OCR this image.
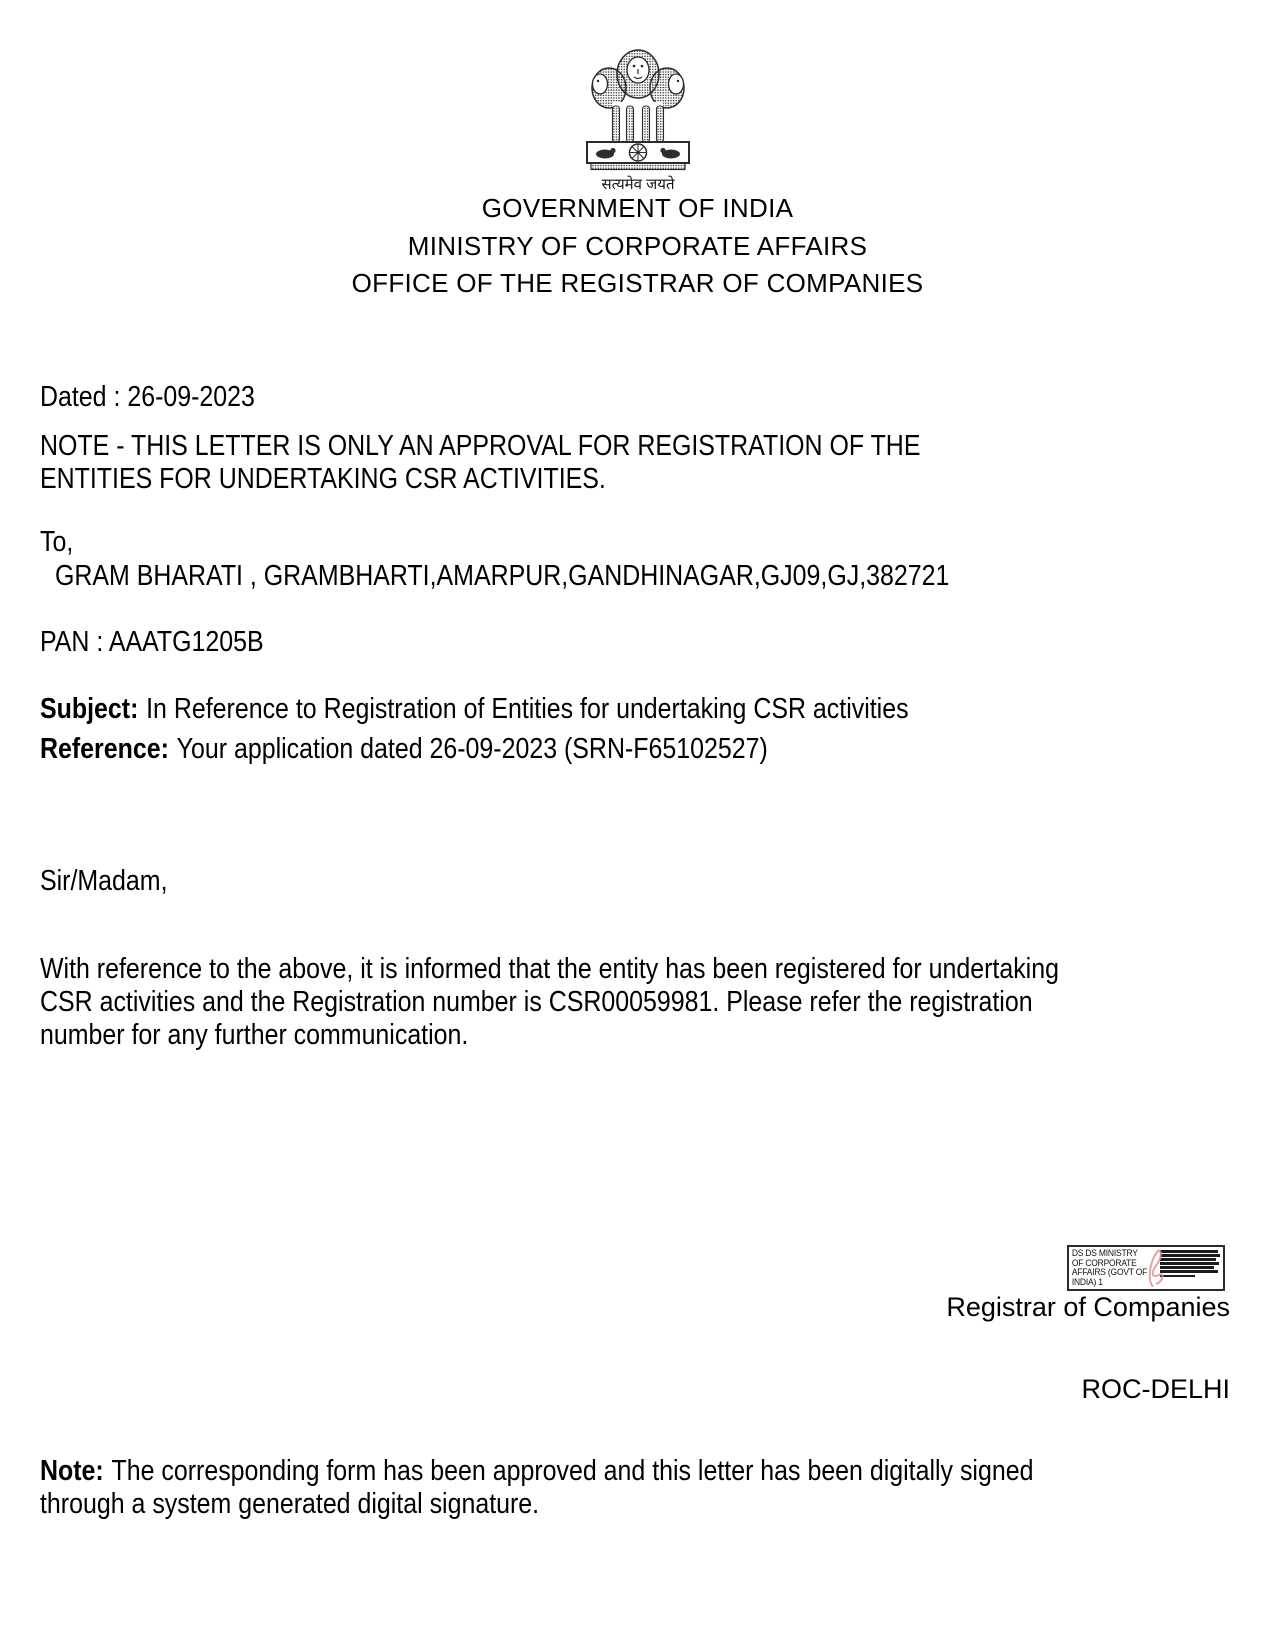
सत्यमेव जयते
GOVERNMENT OF INDIA
MINISTRY OF CORPORATE AFFAIRS
OFFICE OF THE REGISTRAR OF COMPANIES
Dated : 26-09-2023
NOTE - THIS LETTER IS ONLY AN APPROVAL FOR REGISTRATION OF THE
ENTITIES FOR UNDERTAKING CSR ACTIVITIES.
To,
GRAM BHARATI , GRAMBHARTI,AMARPUR,GANDHINAGAR,GJ09,GJ,382721
PAN : AAATG1205B
Subject: In Reference to Registration of Entities for undertaking CSR activities
Reference: Your application dated 26-09-2023 (SRN-F65102527)
Sir/Madam,
With reference to the above, it is informed that the entity has been registered for undertaking
CSR activities and the Registration number is CSR00059981. Please refer the registration
number for any further communication.
DS DS MINISTRY
OF CORPORATE
AFFAIRS (GOVT OF
INDIA) 1
Registrar of Companies
ROC-DELHI
Note: The corresponding form has been approved and this letter has been digitally signed
through a system generated digital signature.
